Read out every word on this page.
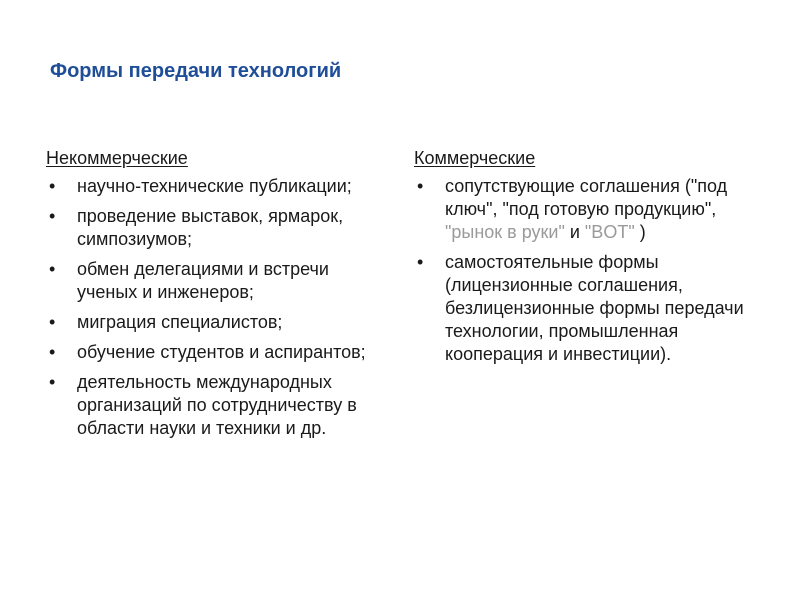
Формы передачи технологий
Некоммерческие
• научно-технические публикации;
• проведение выставок, ярмарок, симпозиумов;
• обмен делегациями и встречи ученых и инженеров;
• миграция специалистов;
• обучение студентов и аспирантов;
• деятельность международных организаций по сотрудничеству в области науки и техники и др.
Коммерческие
• сопутствующие соглашения ("под ключ", "под готовую продукцию", "рынок в руки" и "BOT" )
• самостоятельные формы (лицензионные соглашения, безлицензионные формы передачи технологии, промышленная кооперация и инвестиции).
